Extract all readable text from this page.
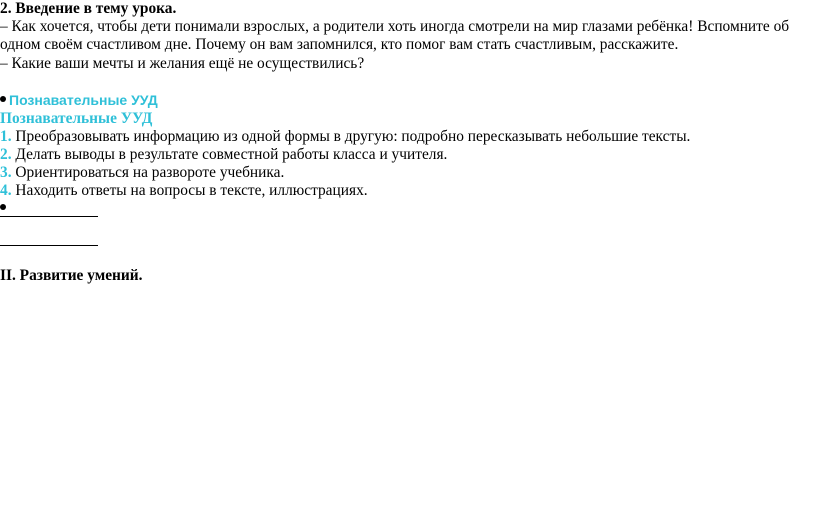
2. Введение в тему урока.
– Как хочется, чтобы дети понимали взрослых, а родители хоть иногда смотрели на мир глазами ребёнка! Вспомните об
одном своём счастливом дне. Почему он вам запомнился, кто помог вам стать счастливым, расскажите.
– Какие ваши мечты и желания ещё не осуществились?
Познавательные УУД
Познавательные УУД
1. Преобразовывать информацию из одной формы в другую: подробно пересказывать небольшие тексты.
2. Делать выводы в результате совместной работы класса и учителя.
3. Ориентироваться на развороте учебника.
4. Находить ответы на вопросы в тексте, иллюстрациях.
II. Развитие умений.
